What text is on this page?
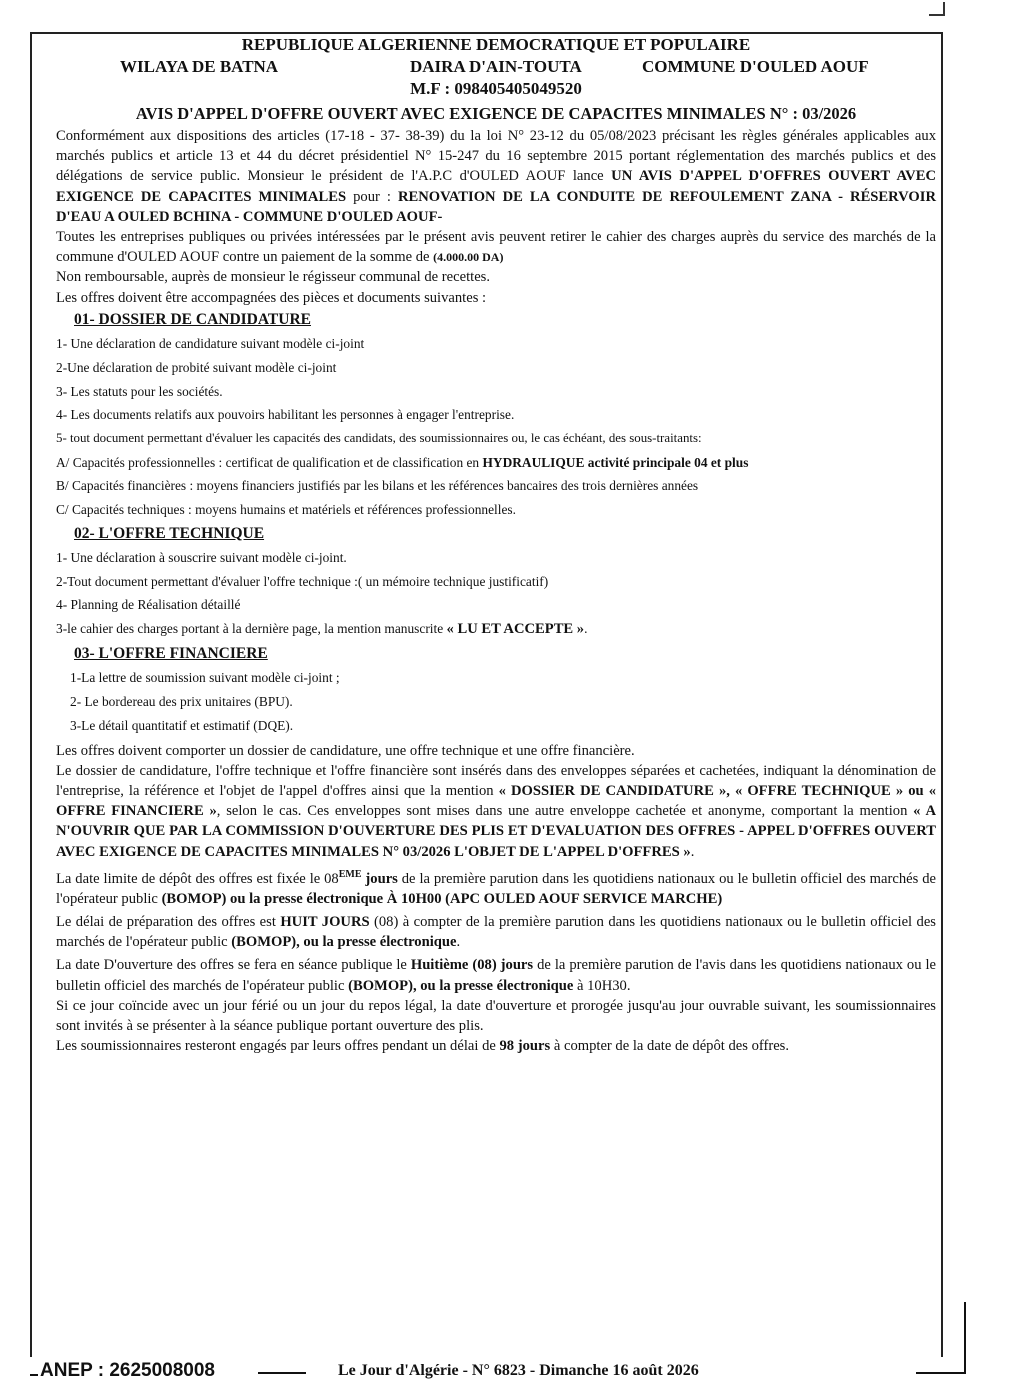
REPUBLIQUE ALGERIENNE DEMOCRATIQUE ET POPULAIRE
WILAYA DE BATNA	DAIRA D'AIN-TOUTA	COMMUNE D'OULED AOUF
M.F : 098405405049520
AVIS D'APPEL D'OFFRE OUVERT AVEC EXIGENCE DE CAPACITES MINIMALES N° : 03/2026

Conformément aux dispositions des articles (17-18 - 37- 38-39) du la loi N° 23-12 du 05/08/2023 précisant les règles générales applicables aux marchés publics et article 13 et 44 du décret présidentiel N° 15-247 du 16 septembre 2015 portant réglementation des marchés publics et des délégations de service public. Monsieur le président de l'A.P.C d'OULED AOUF lance UN AVIS D'APPEL D'OFFRES OUVERT AVEC EXIGENCE DE CAPACITES MINIMALES pour : RENOVATION DE LA CONDUITE DE REFOULEMENT ZANA - RÉSERVOIR D'EAU A OULED BCHINA - COMMUNE D'OULED AOUF-

Toutes les entreprises publiques ou privées intéressées par le présent avis peuvent retirer le cahier des charges auprès du service des marchés de la commune d'OULED AOUF contre un paiement de la somme de (4.000.00 DA)
Non remboursable, auprès de monsieur le régisseur communal de recettes.

Les offres doivent être accompagnées des pièces et documents suivantes :

01- DOSSIER DE CANDIDATURE
1- Une déclaration de candidature suivant modèle ci-joint
2-Une déclaration de probité suivant modèle ci-joint
3- Les statuts pour les sociétés.
4- Les documents relatifs aux pouvoirs habilitant les personnes à engager l'entreprise.
5- tout document permettant d'évaluer les capacités des candidats, des soumissionnaires ou, le cas échéant, des sous-traitants:
A/ Capacités professionnelles : certificat de qualification et de classification en HYDRAULIQUE activité principale 04 et plus
B/ Capacités financières : moyens financiers justifiés par les bilans et les références bancaires des trois dernières années
C/ Capacités techniques : moyens humains et matériels et références professionnelles.
02- L'OFFRE TECHNIQUE
1- Une déclaration à souscrire suivant modèle ci-joint.
2-Tout document permettant d'évaluer l'offre technique :( un mémoire technique justificatif)
4- Planning de Réalisation détaillé
3-le cahier des charges portant à la dernière page, la mention manuscrite « LU ET ACCEPTE ».
03- L'OFFRE FINANCIERE
1-La lettre de soumission suivant modèle ci-joint ;
2- Le bordereau des prix unitaires (BPU).
3-Le détail quantitatif et estimatif (DQE).

Les offres doivent comporter un dossier de candidature, une offre technique et une offre financière.

Le dossier de candidature, l'offre technique et l'offre financière sont insérés dans des enveloppes séparées et cachetées, indiquant la dénomination de l'entreprise, la référence et l'objet de l'appel d'offres ainsi que la mention « DOSSIER DE CANDIDATURE », « OFFRE TECHNIQUE » ou « OFFRE FINANCIERE », selon le cas. Ces enveloppes sont mises dans une autre enveloppe cachetée et anonyme, comportant la mention « A N'OUVRIR QUE PAR LA COMMISSION D'OUVERTURE DES PLIS ET D'EVALUATION DES OFFRES - APPEL D'OFFRES OUVERT AVEC EXIGENCE DE CAPACITES MINIMALES N° 03/2026 L'OBJET DE L'APPEL D'OFFRES ».

La date limite de dépôt des offres est fixée le 08EME jours de la première parution dans les quotidiens nationaux ou le bulletin officiel des marchés de l'opérateur public (BOMOP) ou la presse électronique À 10H00 (APC OULED AOUF SERVICE MARCHE)

Le délai de préparation des offres est HUIT JOURS (08) à compter de la première parution dans les quotidiens nationaux ou le bulletin officiel des marchés de l'opérateur public (BOMOP), ou la presse électronique.

La date D'ouverture des offres se fera en séance publique le Huitième (08) jours de la première parution de l'avis dans les quotidiens nationaux ou le bulletin officiel des marchés de l'opérateur public (BOMOP), ou la presse électronique à 10H30.

Si ce jour coïncide avec un jour férié ou un jour du repos légal, la date d'ouverture et prorogée jusqu'au jour ouvrable suivant, les soumissionnaires sont invités à se présenter à la séance publique portant ouverture des plis.

Les soumissionnaires resteront engagés par leurs offres pendant un délai de 98 jours à compter de la date de dépôt des offres.

ANEP : 2625008008	Le Jour d'Algérie - N° 6823 - Dimanche 16 août 2026
